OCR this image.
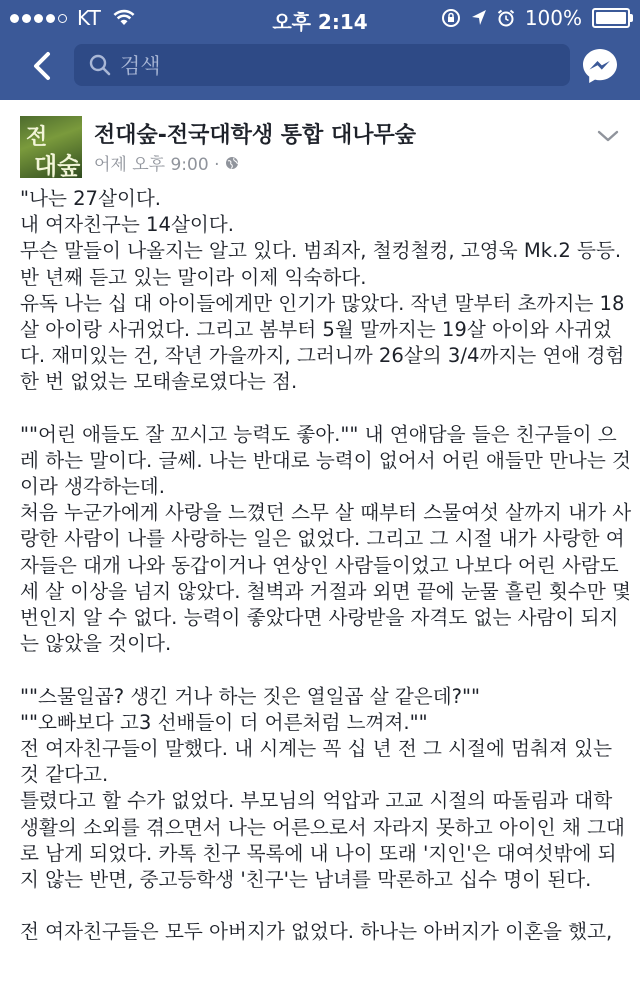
KT	오후 2:14	100%
검색
전
대숲
전대숲-전국대학생 통합 대나무숲
어제 오후 9:00 ·
"나는 27살이다.
내 여자친구는 14살이다.
무슨 말들이 나올지는 알고 있다. 범죄자, 철컹철컹, 고영욱 Mk.2 등등.
반 년째 듣고 있는 말이라 이제 익숙하다.
유독 나는 십 대 아이들에게만 인기가 많았다. 작년 말부터 초까지는 18
살 아이랑 사귀었다. 그리고 봄부터 5월 말까지는 19살 아이와 사귀었
다. 재미있는 건, 작년 가을까지, 그러니까 26살의 3/4까지는 연애 경험
한 번 없었는 모태솔로였다는 점.
""어린 애들도 잘 꼬시고 능력도 좋아."" 내 연애담을 들은 친구들이 으
레 하는 말이다. 글쎄. 나는 반대로 능력이 없어서 어린 애들만 만나는 것
이라 생각하는데.
처음 누군가에게 사랑을 느꼈던 스무 살 때부터 스물여섯 살까지 내가 사
랑한 사람이 나를 사랑하는 일은 없었다. 그리고 그 시절 내가 사랑한 여
자들은 대개 나와 동갑이거나 연상인 사람들이었고 나보다 어린 사람도
세 살 이상을 넘지 않았다. 철벽과 거절과 외면 끝에 눈물 흘린 횟수만 몇
번인지 알 수 없다. 능력이 좋았다면 사랑받을 자격도 없는 사람이 되지
는 않았을 것이다.
""스물일곱? 생긴 거나 하는 짓은 열일곱 살 같은데?""
""오빠보다 고3 선배들이 더 어른처럼 느껴져.""
전 여자친구들이 말했다. 내 시계는 꼭 십 년 전 그 시절에 멈춰져 있는
것 같다고.
틀렸다고 할 수가 없었다. 부모님의 억압과 고교 시절의 따돌림과 대학
생활의 소외를 겪으면서 나는 어른으로서 자라지 못하고 아이인 채 그대
로 남게 되었다. 카톡 친구 목록에 내 나이 또래 '지인'은 대여섯밖에 되
지 않는 반면, 중고등학생 '친구'는 남녀를 막론하고 십수 명이 된다.
전 여자친구들은 모두 아버지가 없었다. 하나는 아버지가 이혼을 했고,
